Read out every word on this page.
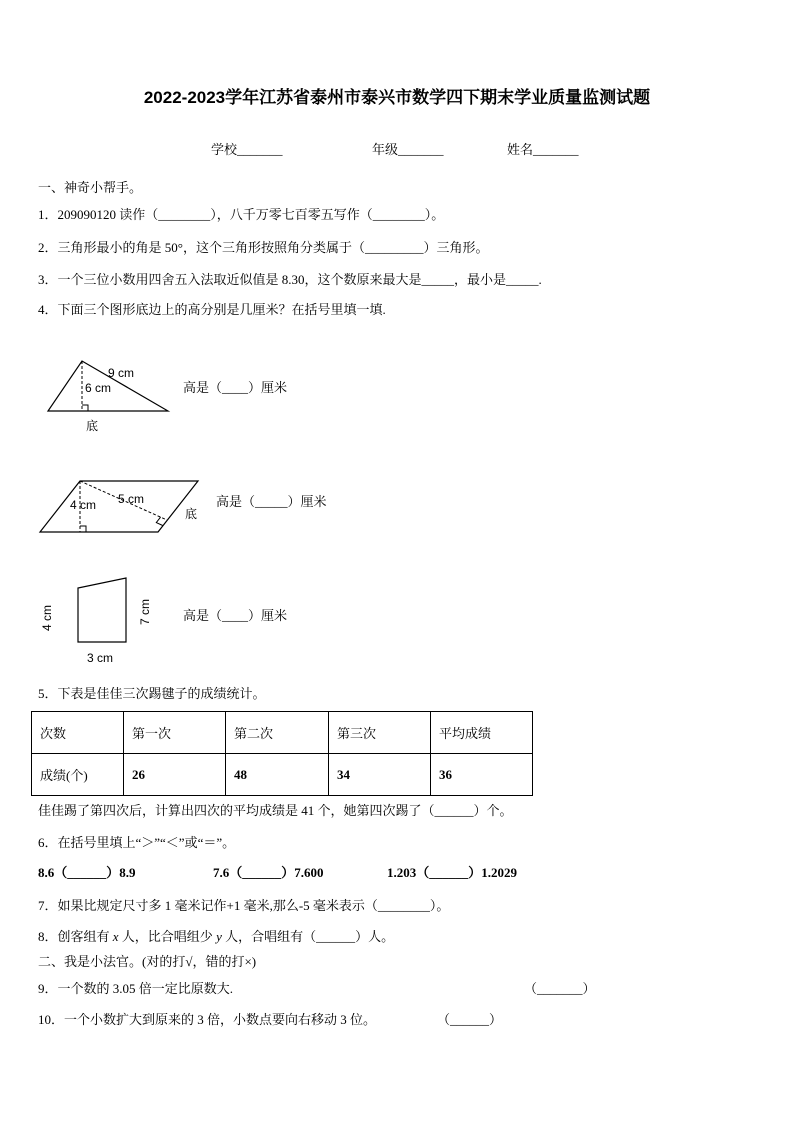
2022-2023学年江苏省泰州市泰兴市数学四下期末学业质量监测试题
学校_______	年级_______	姓名_______
一、神奇小帮手。
1．209090120 读作（________），八千万零七百零五写作（________）。
2．三角形最小的角是 50°，这个三角形按照角分类属于（_________）三角形。
3．一个三位小数用四舍五入法取近似值是 8.30，这个数原来最大是_____，最小是_____.
4．下面三个图形底边上的高分别是几厘米？在括号里填一填.
9 cm
6 cm
底
高是（____）厘米
4 cm 5 cm
底
高是（_____）厘米
4 cm	7 cm
3 cm
高是（____）厘米
5．下表是佳佳三次踢毽子的成绩统计。
次数	第一次	第二次	第三次	平均成绩
成绩(个)	26	48	34	36
佳佳踢了第四次后，计算出四次的平均成绩是 41 个，她第四次踢了（______）个。
6．在括号里填上“＞”“＜”或“＝”。
8.6（______）8.9	7.6（______）7.600	1.203（______）1.2029
7．如果比规定尺寸多 1 毫米记作+1 毫米,那么-5 毫米表示（________）。
8．创客组有 x 人，比合唱组少 y 人，合唱组有（______）人。
二、我是小法官。(对的打√，错的打×)
9．一个数的 3.05 倍一定比原数大.	（_______）
10．一个小数扩大到原来的 3 倍，小数点要向右移动 3 位。	（______）
